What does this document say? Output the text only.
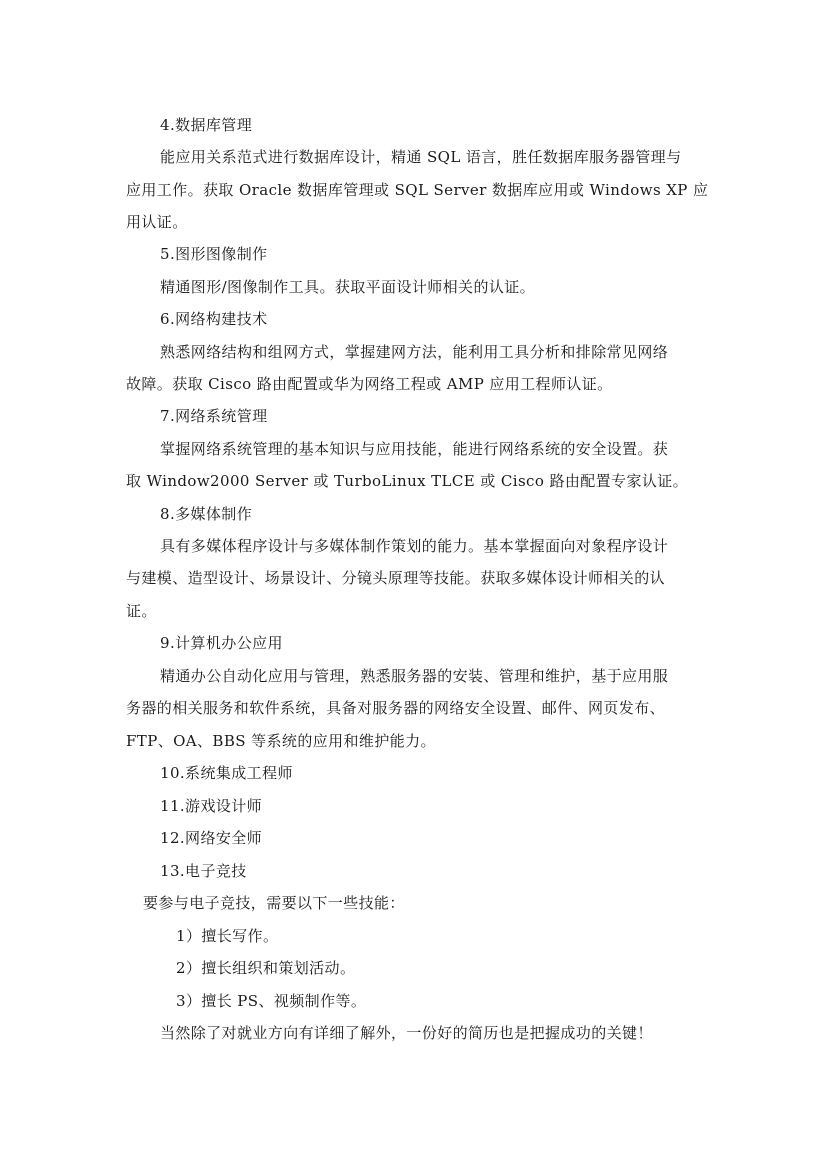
4.数据库管理
能应用关系范式进行数据库设计，精通 SQL 语言，胜任数据库服务器管理与
应用工作。获取 Oracle 数据库管理或 SQL Server 数据库应用或 Windows XP 应
用认证。
5.图形图像制作
精通图形/图像制作工具。获取平面设计师相关的认证。
6.网络构建技术
熟悉网络结构和组网方式，掌握建网方法，能利用工具分析和排除常见网络
故障。获取 Cisco 路由配置或华为网络工程或 AMP 应用工程师认证。
7.网络系统管理
掌握网络系统管理的基本知识与应用技能，能进行网络系统的安全设置。获
取 Window2000 Server 或 TurboLinux TLCE 或 Cisco 路由配置专家认证。
8.多媒体制作
具有多媒体程序设计与多媒体制作策划的能力。基本掌握面向对象程序设计
与建模、造型设计、场景设计、分镜头原理等技能。获取多媒体设计师相关的认
证。
9.计算机办公应用
精通办公自动化应用与管理，熟悉服务器的安装、管理和维护，基于应用服
务器的相关服务和软件系统，具备对服务器的网络安全设置、邮件、网页发布、
FTP、OA、BBS 等系统的应用和维护能力。
10.系统集成工程师
11.游戏设计师
12.网络安全师
13.电子竞技
要参与电子竞技，需要以下一些技能：
1）擅长写作。
2）擅长组织和策划活动。
3）擅长 PS、视频制作等。
当然除了对就业方向有详细了解外，一份好的简历也是把握成功的关键！
